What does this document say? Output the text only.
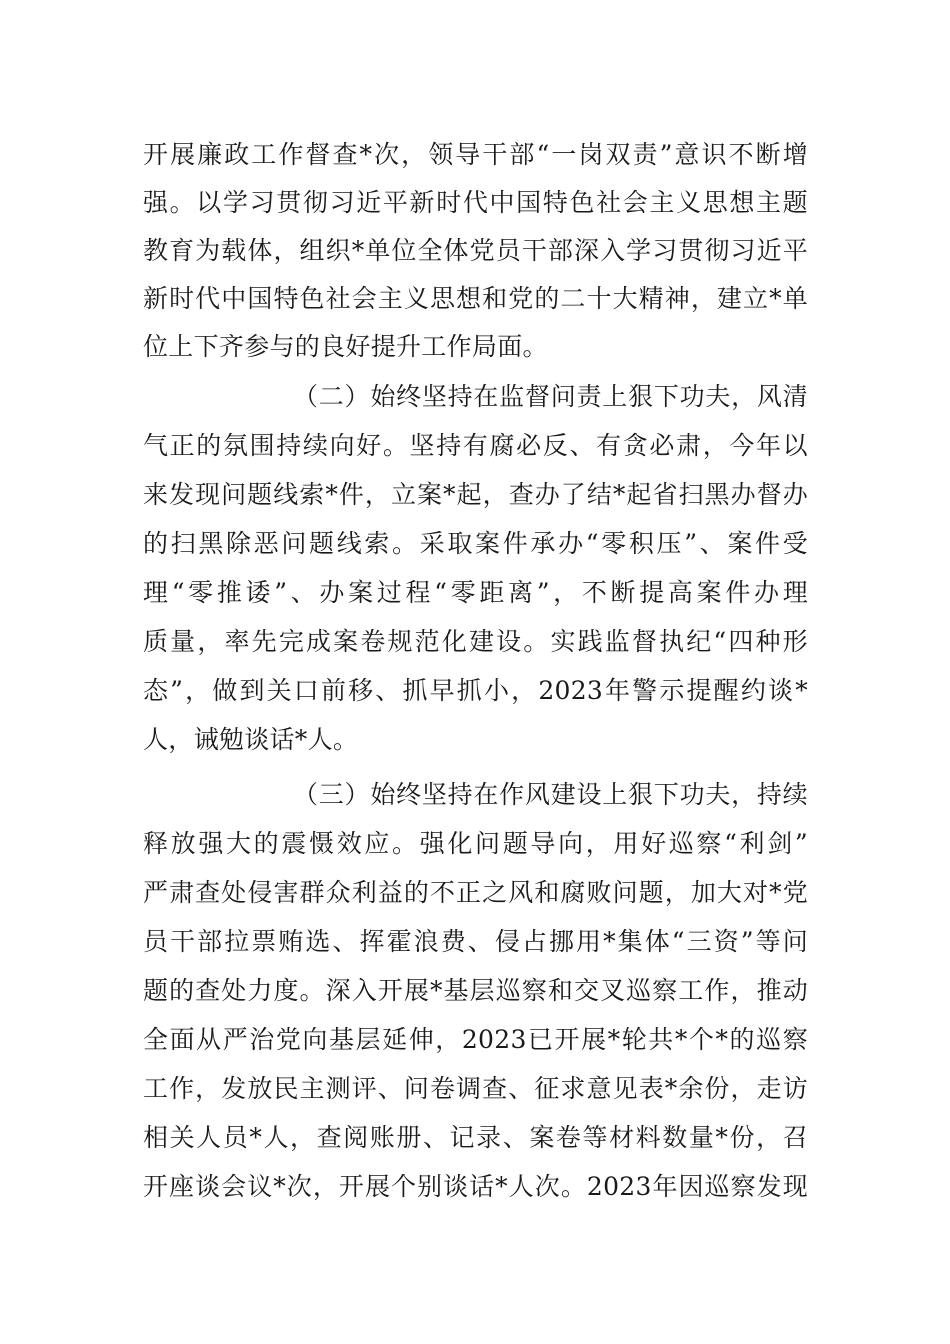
开展廉政工作督查*次，领导干部“一岗双责”意识不断增
强。以学习贯彻习近平新时代中国特色社会主义思想主题
教育为载体，组织*单位全体党员干部深入学习贯彻习近平
新时代中国特色社会主义思想和党的二十大精神，建立*单
位上下齐参与的良好提升工作局面。
（二）始终坚持在监督问责上狠下功夫，风清
气正的氛围持续向好。坚持有腐必反、有贪必肃，今年以
来发现问题线索*件，立案*起，查办了结*起省扫黑办督办
的扫黑除恶问题线索。采取案件承办“零积压”、案件受
理“零推诿”、办案过程“零距离”，不断提高案件办理
质量，率先完成案卷规范化建设。实践监督执纪“四种形
态”，做到关口前移、抓早抓小，2023年警示提醒约谈*
人，诫勉谈话*人。
（三）始终坚持在作风建设上狠下功夫，持续
释放强大的震慑效应。强化问题导向，用好巡察“利剑”
严肃查处侵害群众利益的不正之风和腐败问题，加大对*党
员干部拉票贿选、挥霍浪费、侵占挪用*集体“三资”等问
题的查处力度。深入开展*基层巡察和交叉巡察工作，推动
全面从严治党向基层延伸，2023已开展*轮共*个*的巡察
工作，发放民主测评、问卷调查、征求意见表*余份，走访
相关人员*人，查阅账册、记录、案卷等材料数量*份，召
开座谈会议*次，开展个别谈话*人次。2023年因巡察发现
